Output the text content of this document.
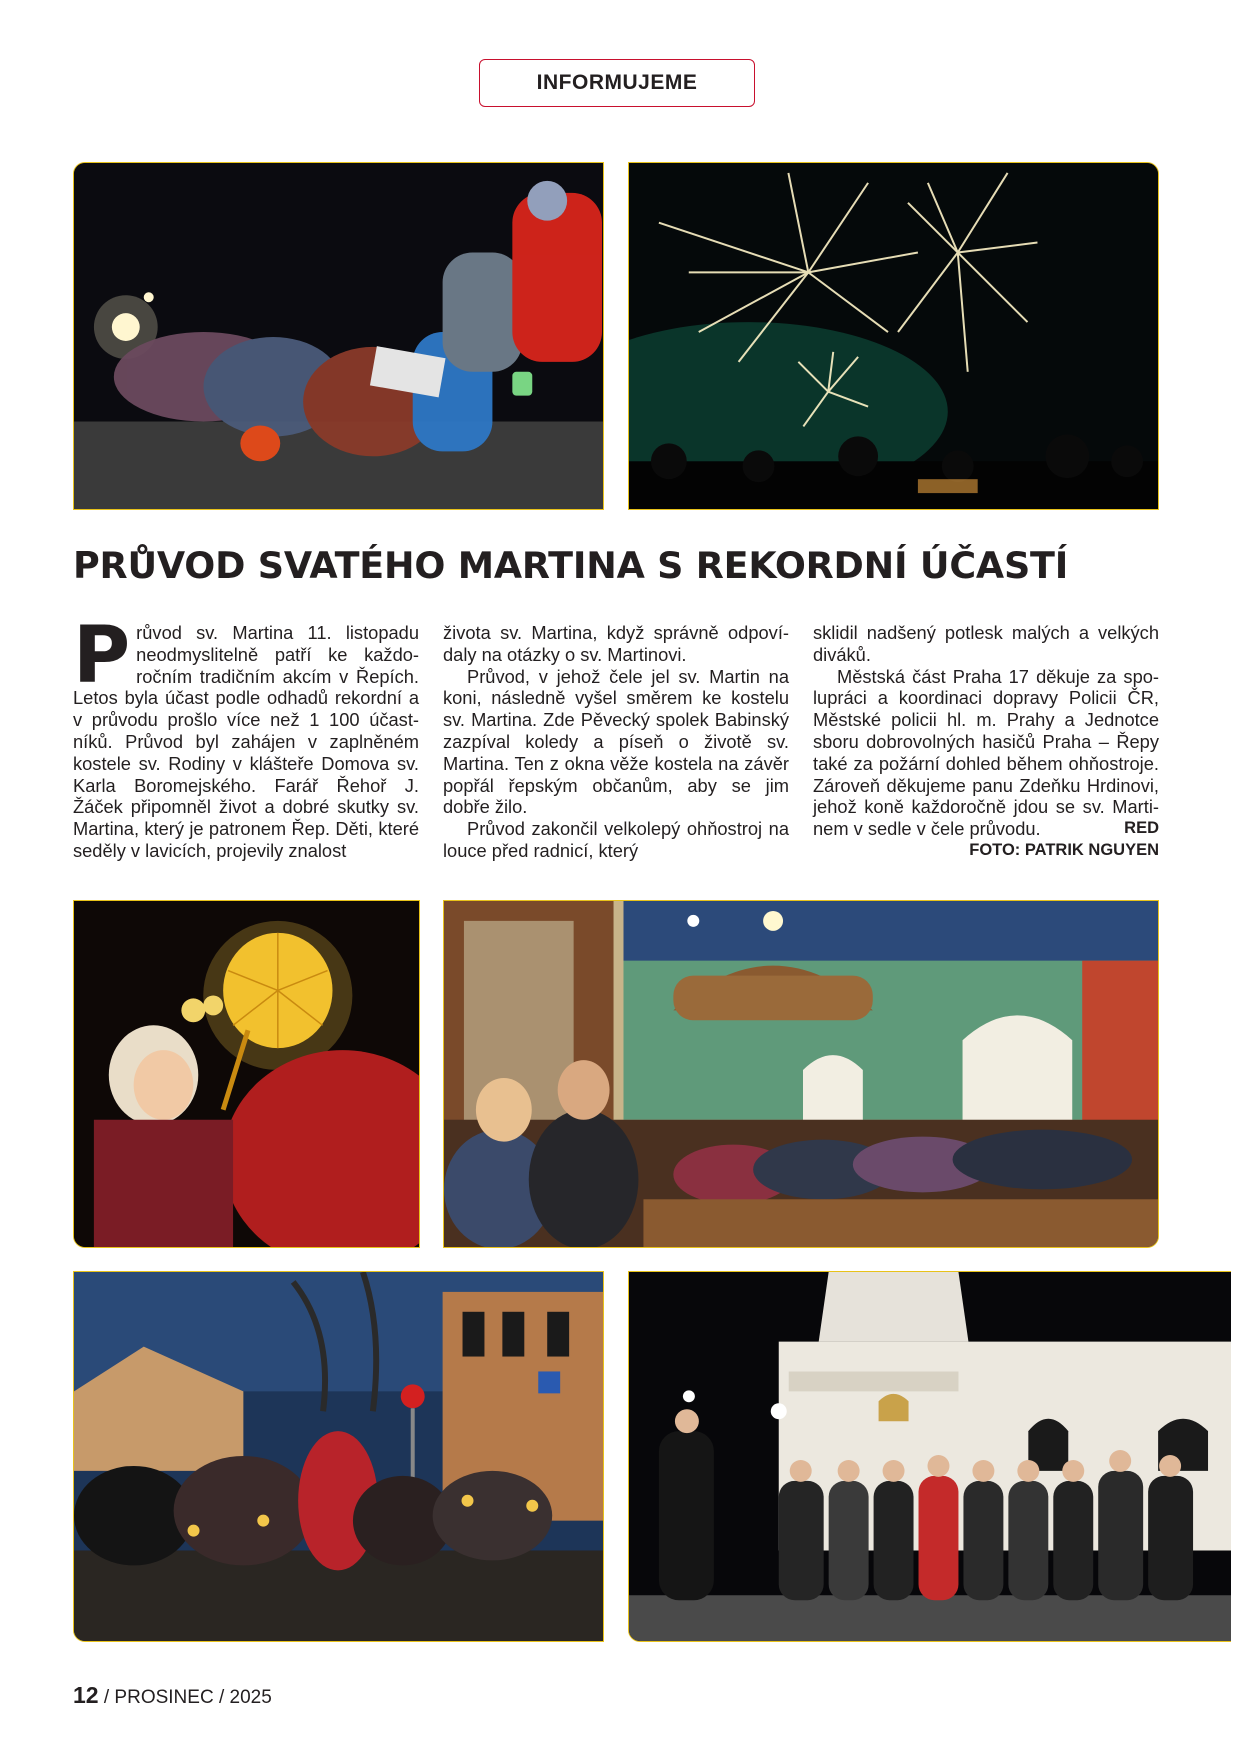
INFORMUJEME
PRŮVOD SVATÉHO MARTINA S REKORDNÍ ÚČASTÍ

Průvod sv. Martina 11. listopadu neodmyslitelně patří ke každoročním tradičním akcím v Řepích. Letos byla účast podle odhadů rekordní a v průvodu prošlo více než 1 100 účastníků. Průvod byl zahájen v zaplněném kostele sv. Rodiny v klášteře Domova sv. Karla Boromejského. Farář Řehoř J. Žáček připomněl život a dobré skutky sv. Martina, který je patronem Řep. Děti, které seděly v lavicích, projevily znalost

života sv. Martina, když správně odpovídaly na otázky o sv. Martinovi.

Průvod, v jehož čele jel sv. Martin na koni, následně vyšel směrem ke kostelu sv. Martina. Zde Pěvecký spolek Babinský zazpíval koledy a píseň o životě sv. Martina. Ten z okna věže kostela na závěr popřál řepským občanům, aby se jim dobře žilo.

Průvod zakončil velkolepý ohňostroj na louce před radnicí, který

sklidil nadšený potlesk malých a velkých diváků.

Městská část Praha 17 děkuje za spolupráci a koordinaci dopravy Policii ČR, Městské policii hl. m. Prahy a Jednotce sboru dobrovolných hasičů Praha – Řepy také za požární dohled během ohňostroje. Zároveň děkujeme panu Zdeňku Hrdinovi, jehož koně každoročně jdou se sv. Martinem v sedle v čele průvodu.	RED

FOTO: PATRIK NGUYEN
12 / PROSINEC / 2025
